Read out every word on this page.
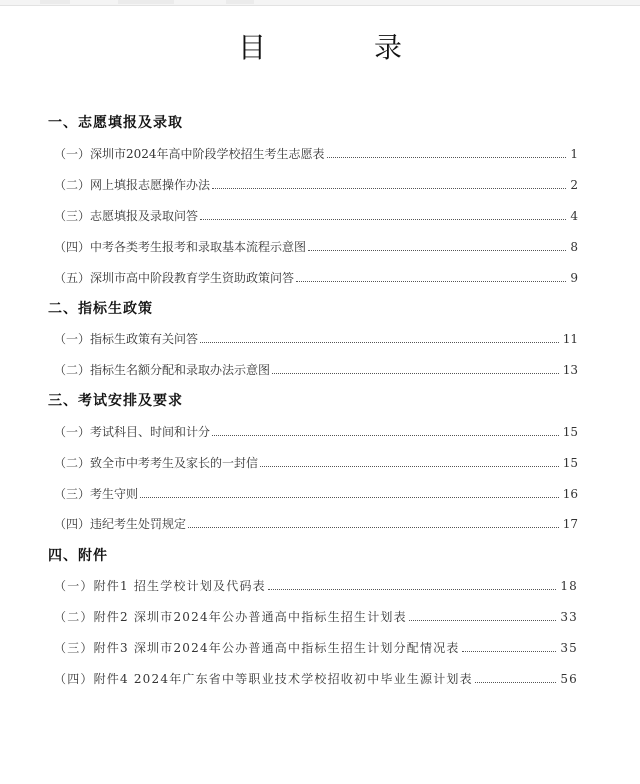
目　录
一、志愿填报及录取
（一）深圳市2024年高中阶段学校招生考生志愿表	1
（二）网上填报志愿操作办法	2
（三）志愿填报及录取问答	4
（四）中考各类考生报考和录取基本流程示意图	8
（五）深圳市高中阶段教育学生资助政策问答	9
二、指标生政策
（一）指标生政策有关问答	11
（二）指标生名额分配和录取办法示意图	13
三、考试安排及要求
（一）考试科目、时间和计分	15
（二）致全市中考考生及家长的一封信	15
（三）考生守则	16
（四）违纪考生处罚规定	17
四、附件
（一）附件1 招生学校计划及代码表	18
（二）附件2 深圳市2024年公办普通高中指标生招生计划表	33
（三）附件3 深圳市2024年公办普通高中指标生招生计划分配情况表	35
（四）附件4 2024年广东省中等职业技术学校招收初中毕业生源计划表	56
